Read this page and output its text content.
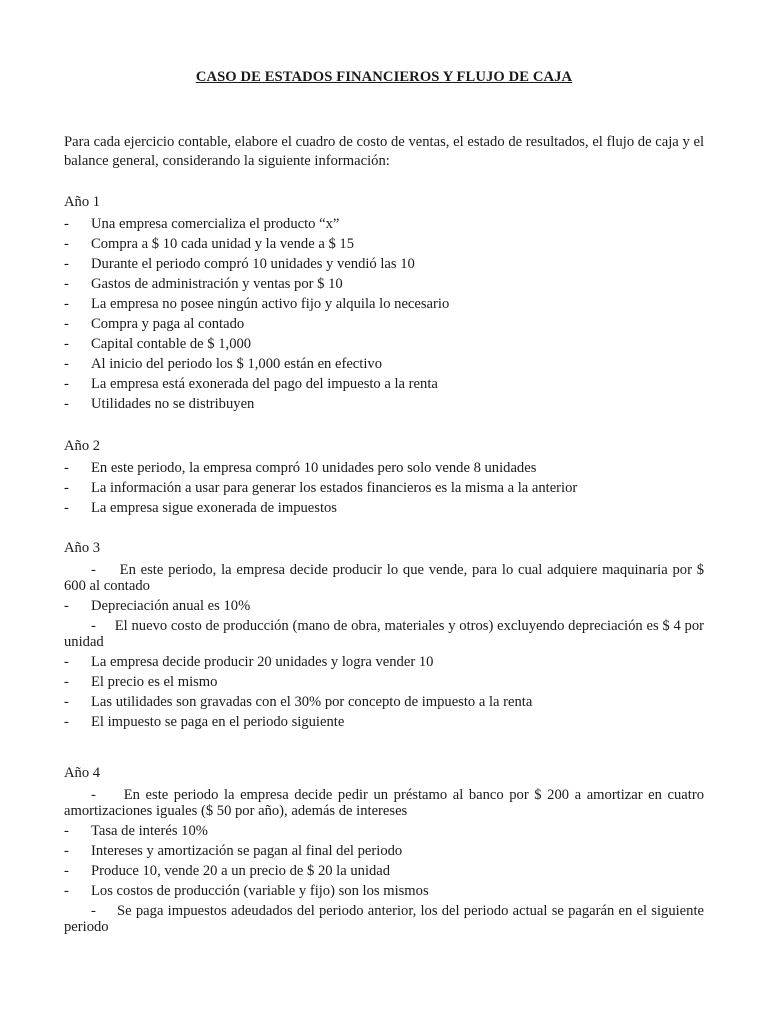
CASO DE ESTADOS FINANCIEROS Y FLUJO DE CAJA
Para cada ejercicio contable, elabore el cuadro de costo de ventas, el estado de resultados, el flujo de caja y el balance general, considerando la siguiente información:
Año 1
- Una empresa comercializa el producto “x”
- Compra a $ 10 cada unidad y la vende a $ 15
- Durante el periodo compró 10 unidades y vendió las 10
- Gastos de administración y ventas por $ 10
- La empresa no posee ningún activo fijo y alquila lo necesario
- Compra y paga al contado
- Capital contable de $ 1,000
- Al inicio del periodo los $ 1,000 están en efectivo
- La empresa está exonerada del pago del impuesto a la renta
- Utilidades no se distribuyen
Año 2
- En este periodo, la empresa compró 10 unidades pero solo vende 8 unidades
- La información a usar para generar los estados financieros es la misma a la anterior
- La empresa sigue exonerada de impuestos
Año 3
-     En este periodo, la empresa decide producir lo que vende, para lo cual adquiere maquinaria por $ 600 al contado
- Depreciación anual es 10%
-     El nuevo costo de producción (mano de obra, materiales y otros) excluyendo depreciación es $ 4 por unidad
- La empresa decide producir 20 unidades y logra vender 10
- El precio es el mismo
- Las utilidades son gravadas con el 30% por concepto de impuesto a la renta
- El impuesto se paga en el periodo siguiente
Año 4
-     En este periodo la empresa decide pedir un préstamo al banco por $ 200 a amortizar en cuatro amortizaciones iguales ($ 50 por año), además de intereses
- Tasa de interés 10%
- Intereses y amortización se pagan al final del periodo
- Produce 10, vende 20 a un precio de $ 20 la unidad
- Los costos de producción (variable y fijo) son los mismos
-     Se paga impuestos adeudados del periodo anterior, los del periodo actual se pagarán en el siguiente periodo
